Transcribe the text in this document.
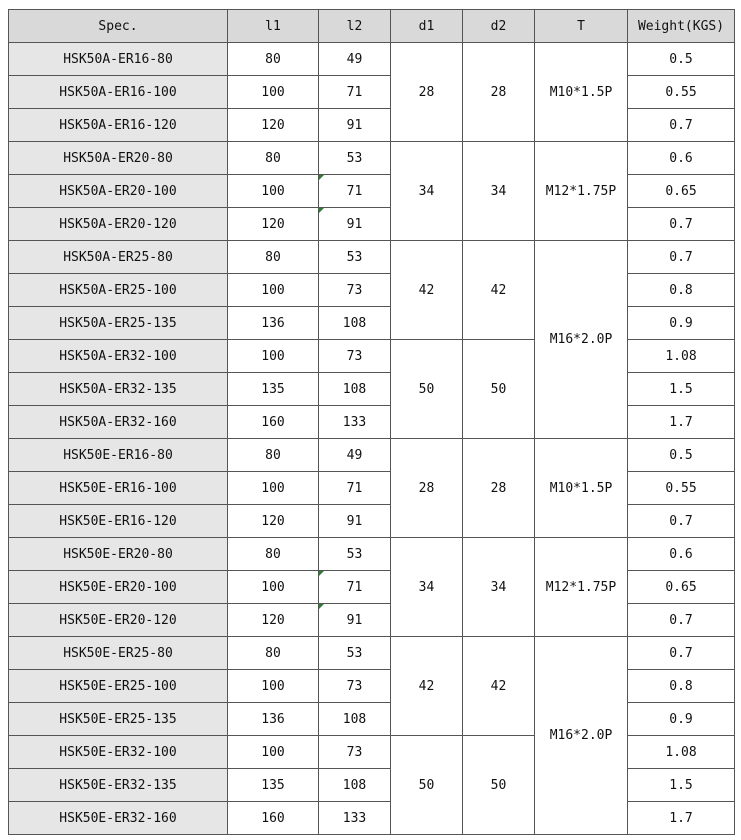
Spec.	l1	l2	d1	d2	T	Weight(KGS)
HSK50A-ER16-80	80	49	28	28	M10*1.5P	0.5
HSK50A-ER16-100	100	71				0.55
HSK50A-ER16-120	120	91				0.7
HSK50A-ER20-80	80	53	34	34	M12*1.75P	0.6
HSK50A-ER20-100	100	71				0.65
HSK50A-ER20-120	120	91				0.7
HSK50A-ER25-80	80	53	42	42	M16*2.0P	0.7
HSK50A-ER25-100	100	73				0.8
HSK50A-ER25-135	136	108				0.9
HSK50A-ER32-100	100	73	50	50		1.08
HSK50A-ER32-135	135	108				1.5
HSK50A-ER32-160	160	133				1.7
HSK50E-ER16-80	80	49	28	28	M10*1.5P	0.5
HSK50E-ER16-100	100	71				0.55
HSK50E-ER16-120	120	91				0.7
HSK50E-ER20-80	80	53	34	34	M12*1.75P	0.6
HSK50E-ER20-100	100	71				0.65
HSK50E-ER20-120	120	91				0.7
HSK50E-ER25-80	80	53	42	42	M16*2.0P	0.7
HSK50E-ER25-100	100	73				0.8
HSK50E-ER25-135	136	108				0.9
HSK50E-ER32-100	100	73	50	50		1.08
HSK50E-ER32-135	135	108				1.5
HSK50E-ER32-160	160	133				1.7
